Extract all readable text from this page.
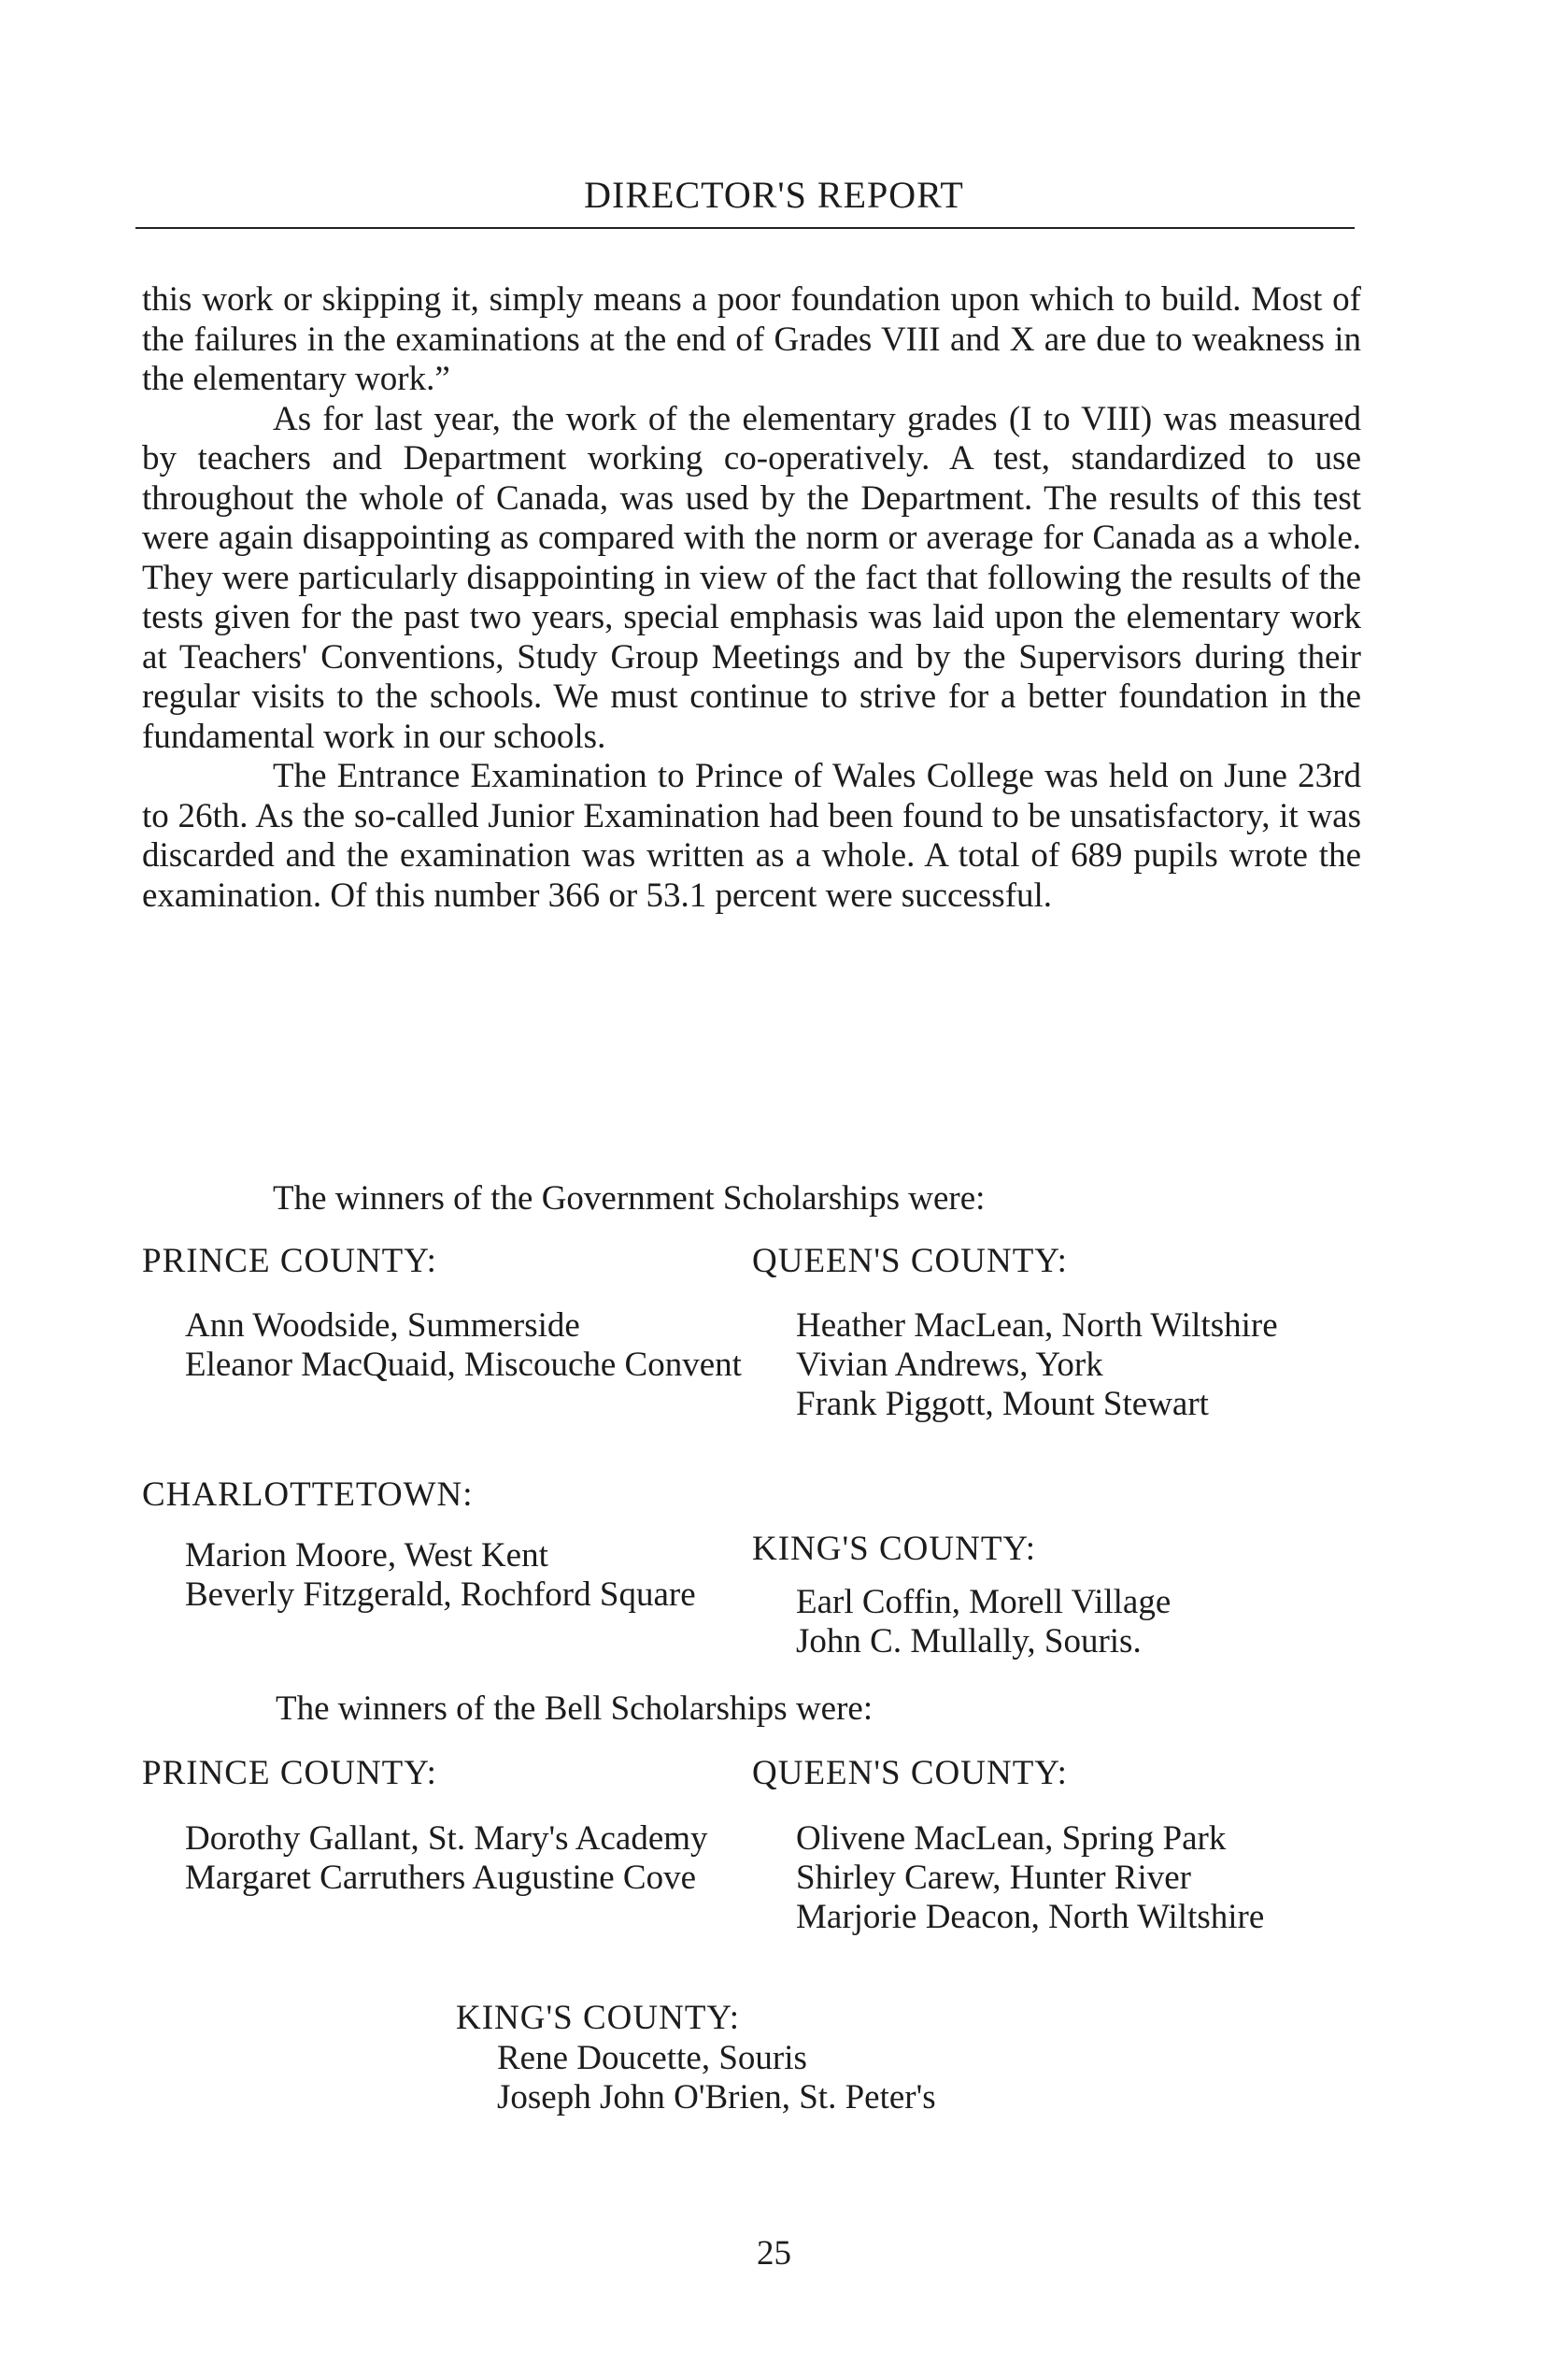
DIRECTOR'S REPORT

this work or skipping it, simply means a poor foundation upon which to build. Most of the failures in the examinations at the end of Grades VIII and X are due to weakness in the elementary work.”

As for last year, the work of the elementary grades (I to VIII) was measured by teachers and Department working co-operatively. A test, standardized to use throughout the whole of Canada, was used by the Department. The results of this test were again disappointing as compared with the norm or average for Canada as a whole. They were particularly disappointing in view of the fact that following the results of the tests given for the past two years, special emphasis was laid upon the elementary work at Teachers' Conventions, Study Group Meetings and by the Supervisors during their regular visits to the schools. We must continue to strive for a better foundation in the fundamental work in our schools.

The Entrance Examination to Prince of Wales College was held on June 23rd to 26th. As the so-called Junior Examination had been found to be unsatisfactory, it was discarded and the examination was written as a whole. A total of 689 pupils wrote the examination. Of this number 366 or 53.1 percent were successful.

The winners of the Government Scholarships were:
PRINCE COUNTY:
Ann Woodside, Summerside
Eleanor MacQuaid, Miscouche Convent
QUEEN'S COUNTY:
Heather MacLean, North Wiltshire
Vivian Andrews, York
Frank Piggott, Mount Stewart
CHARLOTTETOWN:
Marion Moore, West Kent
Beverly Fitzgerald, Rochford Square
KING'S COUNTY:
Earl Coffin, Morell Village
John C. Mullally, Souris.
The winners of the Bell Scholarships were:
PRINCE COUNTY:
Dorothy Gallant, St. Mary's Academy
Margaret Carruthers Augustine Cove
QUEEN'S COUNTY:
Olivene MacLean, Spring Park
Shirley Carew, Hunter River
Marjorie Deacon, North Wiltshire
KING'S COUNTY:
Rene Doucette, Souris
Joseph John O'Brien, St. Peter's
25
